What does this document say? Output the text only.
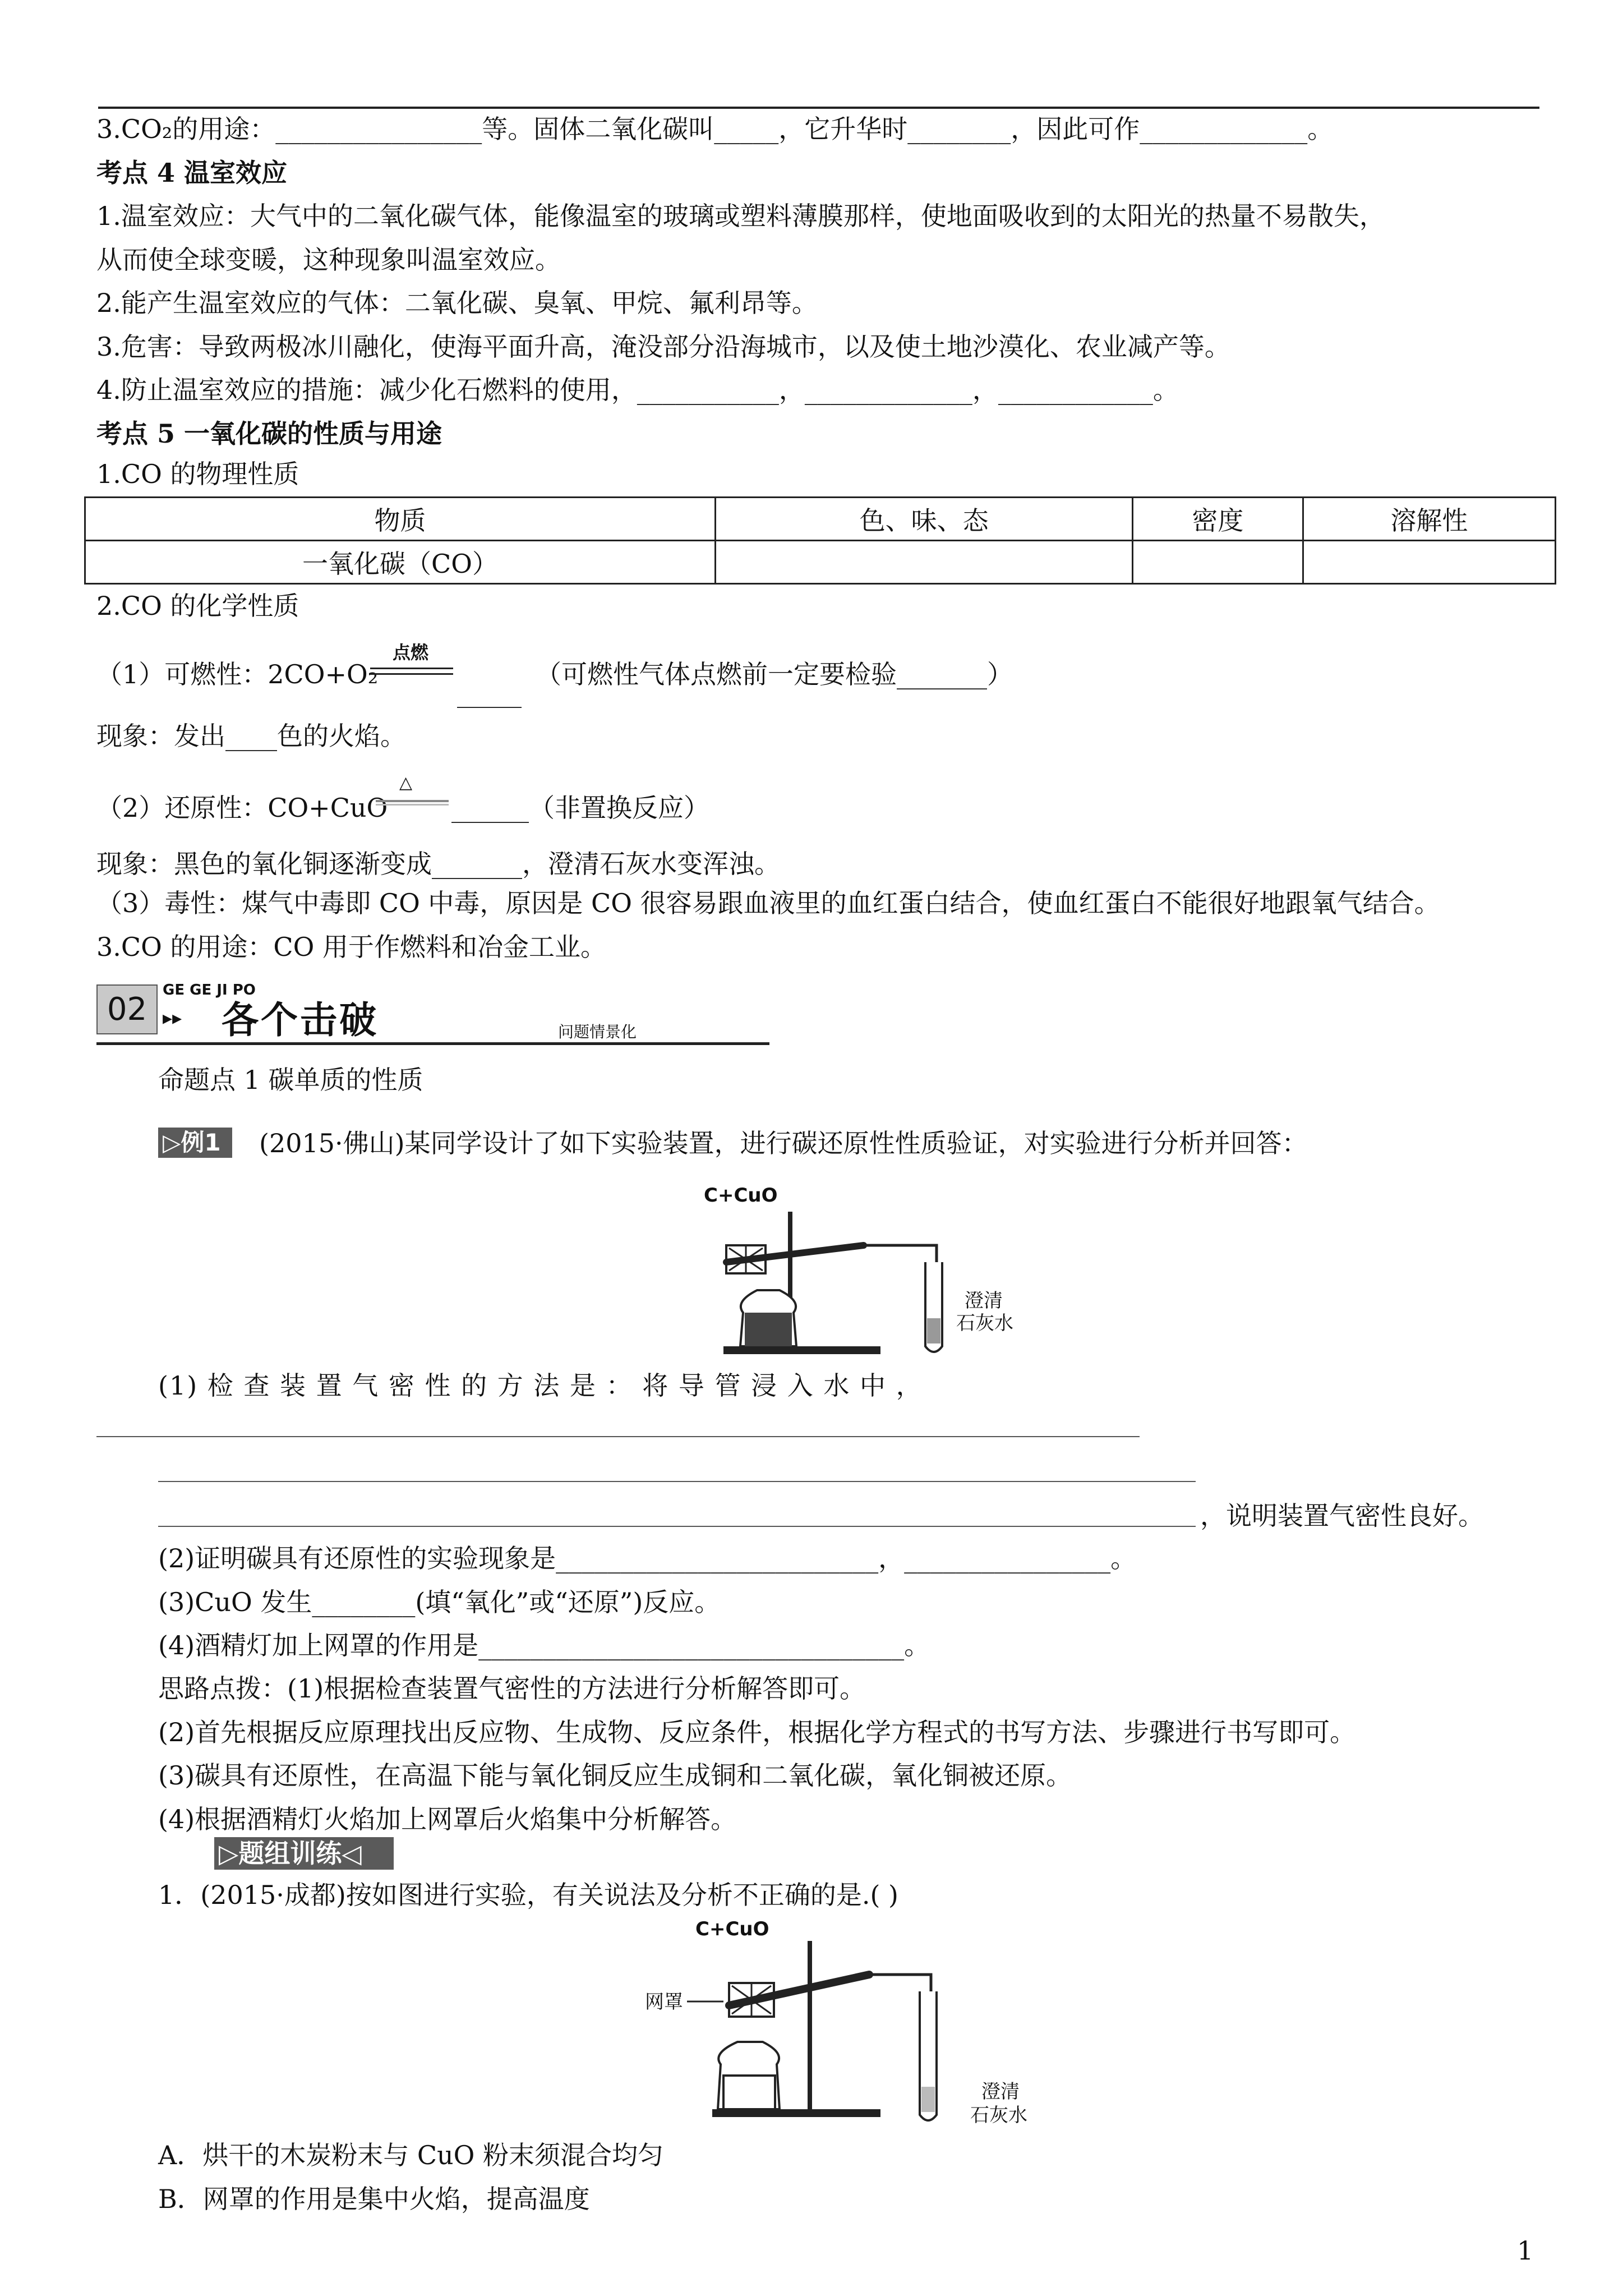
3.CO₂的用途：________________等。固体二氧化碳叫_____，它升华时________，因此可作_____________。
考点 4 温室效应
1.温室效应：大气中的二氧化碳气体，能像温室的玻璃或塑料薄膜那样，使地面吸收到的太阳光的热量不易散失，
从而使全球变暖，这种现象叫温室效应。
2.能产生温室效应的气体：二氧化碳、臭氧、甲烷、氟利昂等。
3.危害：导致两极冰川融化，使海平面升高，淹没部分沿海城市，以及使土地沙漠化、农业减产等。
4.防止温室效应的措施：减少化石燃料的使用，___________，_____________，____________。
考点 5 一氧化碳的性质与用途
1.CO 的物理性质
物质	色、味、态	密度	溶解性
一氧化碳（CO）			
2.CO 的化学性质
（1）可燃性：2CO+O₂
点燃
_____
（可燃性气体点燃前一定要检验_______）
现象：发出____色的火焰。
（2）还原性：CO+CuO
△
______（非置换反应）
现象：黑色的氧化铜逐渐变成_______，澄清石灰水变浑浊。
（3）毒性：煤气中毒即 CO 中毒，原因是 CO 很容易跟血液里的血红蛋白结合，使血红蛋白不能很好地跟氧气结合。
3.CO 的用途：CO 用于作燃料和冶金工业。
02
GE GE JI PO
▸▸ 各个击破	问题情景化
命题点 1 碳单质的性质
▷例1	(2015·佛山)某同学设计了如下实验装置，进行碳还原性性质验证，对实验进行分析并回答：
C+CuO
澄清
石灰水
(1) 检 查 装 置 气 密 性 的 方 法 是 ： 将 导 管 浸 入 水 中 ，
，说明装置气密性良好。
(2)证明碳具有还原性的实验现象是_________________________，________________。
(3)CuO 发生________(填“氧化”或“还原”)反应。
(4)酒精灯加上网罩的作用是_________________________________。
思路点拨：(1)根据检查装置气密性的方法进行分析解答即可。
(2)首先根据反应原理找出反应物、生成物、反应条件，根据化学方程式的书写方法、步骤进行书写即可。
(3)碳具有还原性，在高温下能与氧化铜反应生成铜和二氧化碳，氧化铜被还原。
(4)根据酒精灯火焰加上网罩后火焰集中分析解答。
▷题组训练◁
1．(2015·成都)按如图进行实验，有关说法及分析不正确的是.( )
C+CuO
网罩
澄清
石灰水
A．烘干的木炭粉末与 CuO 粉末须混合均匀
B．网罩的作用是集中火焰，提高温度
1
